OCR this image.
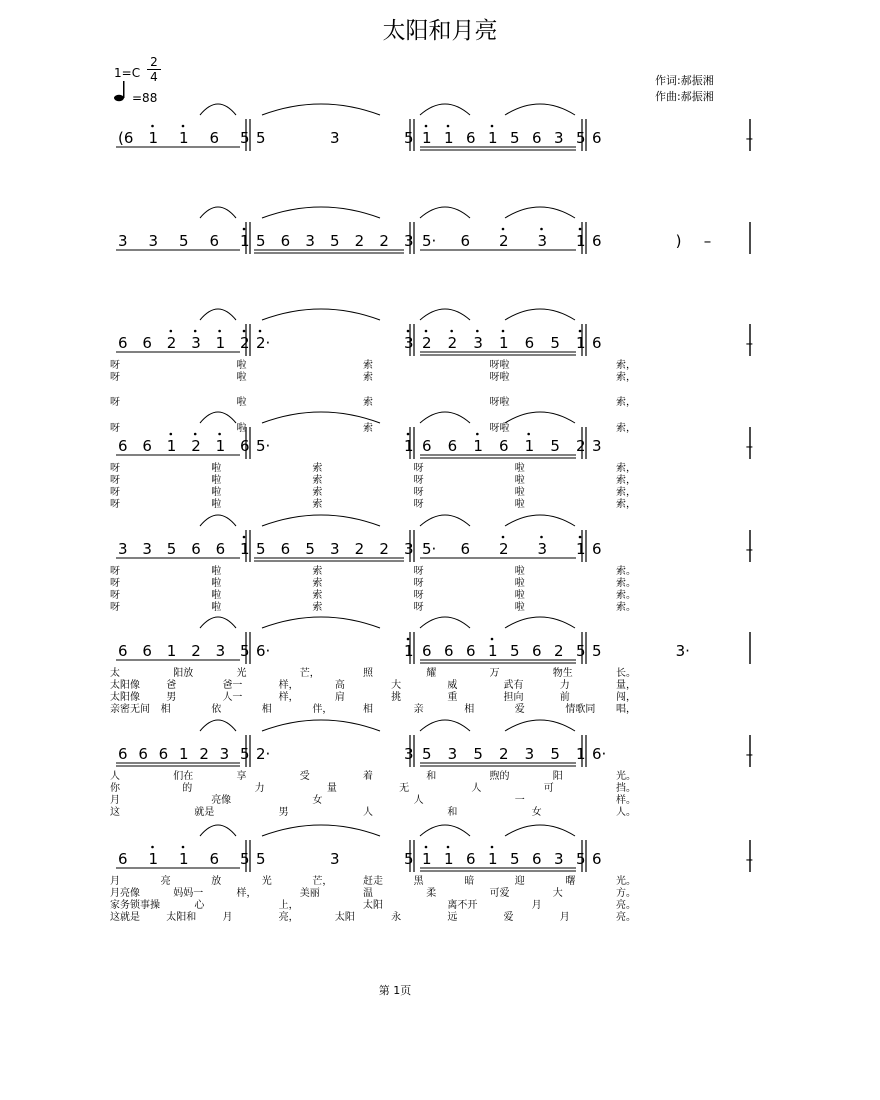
太阳和月亮
1=C
2
4
=88
作词:郝振湘
作曲:郝振湘
(6 1 1 6 5 5	3	5 1 1 6 1 5 6 3 5 6	–
3 3 5 6 1 5 6 3 5 2 2 3 5· 6 2 3 1 6	–
)
6 6 2 3 1 2 2·	3 2 2 3 1 6 5 1 6	–
呀	啦	索	呀啦	索，
呀	啦	索	呀啦	索，
呀	啦	索	呀啦	索，
呀	啦	索	呀啦	索，
6 6 1 2 1 6 5·	1 6 6 1 6 1 5 2 3	–
呀	啦	索	呀	啦	索，
呀	啦	索	呀	啦	索，
呀	啦	索	呀	啦	索，
呀	啦	索	呀	啦	索，
3 3 5 6 6 1 5 6 5 3 2 2 3 5· 6 2 3 1 6	–
呀	啦	索	呀	啦	索。
呀	啦	索	呀	啦	索。
呀	啦	索	呀	啦	索。
呀	啦	索	呀	啦	索。
6 6 1 2 3 5 6·	1 6 6 6 1 5 6 2 5 5	3·
太	阳放	光	芒，	照	耀	万	物生	长。
太阳像	爸	爸一	样，	高	大	威	武有	力	量，
太阳像	男	人一	样，	肩	挑	重	担向	前	闯，
亲密无间 相	依	相	伴，	相	亲	相	爱	情歌同 唱，
6 6 6 1 2 3 5 2·	3 5 3 5 2 3 5 1 6·	–
人	们在	享	受	着	和	煦的	阳	光。
你	的	力	量	无	人	可	挡。
月	亮像	女	人	一	样。
这	就是	男	人	和	女	人。
6 1 1 6 5 5	3	5 1 1 6 1 5 6 3 5 6	–
月	亮	放	光	芒，	赶走	黑	暗	迎	曙	光。
月亮像	妈妈一	样，	美丽	温	柔	可爱	大	方。
家务锁事操	心	上，	太阳	离不开	月	亮。
这就是	太阳和	月	亮，	太阳	永	远	爱	月	亮。
第 1页
